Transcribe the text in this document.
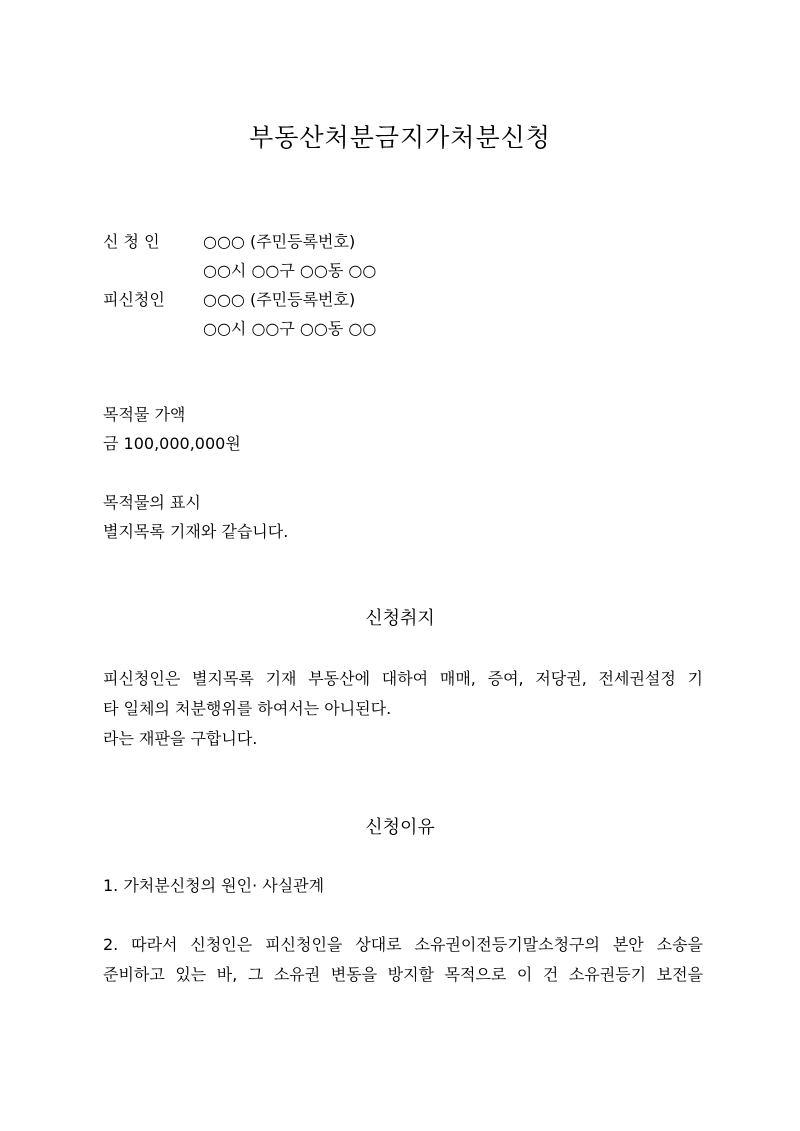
부동산처분금지가처분신청
신 청 인	○○○ (주민등록번호)
○○시 ○○구 ○○동 ○○
피신청인 ○○○ (주민등록번호)
○○시 ○○구 ○○동 ○○
목적물 가액
금 100,000,000원
목적물의 표시
별지목록 기재와 같습니다.
신청취지
피신청인은 별지목록 기재 부동산에 대하여 매매, 증여, 저당권, 전세권설정 기
타 일체의 처분행위를 하여서는 아니된다.
라는 재판을 구합니다.
신청이유
1. 가처분신청의 원인· 사실관계
2. 따라서 신청인은 피신청인을 상대로 소유권이전등기말소청구의 본안 소송을
준비하고 있는 바, 그 소유권 변동을 방지할 목적으로 이 건 소유권등기 보전을
